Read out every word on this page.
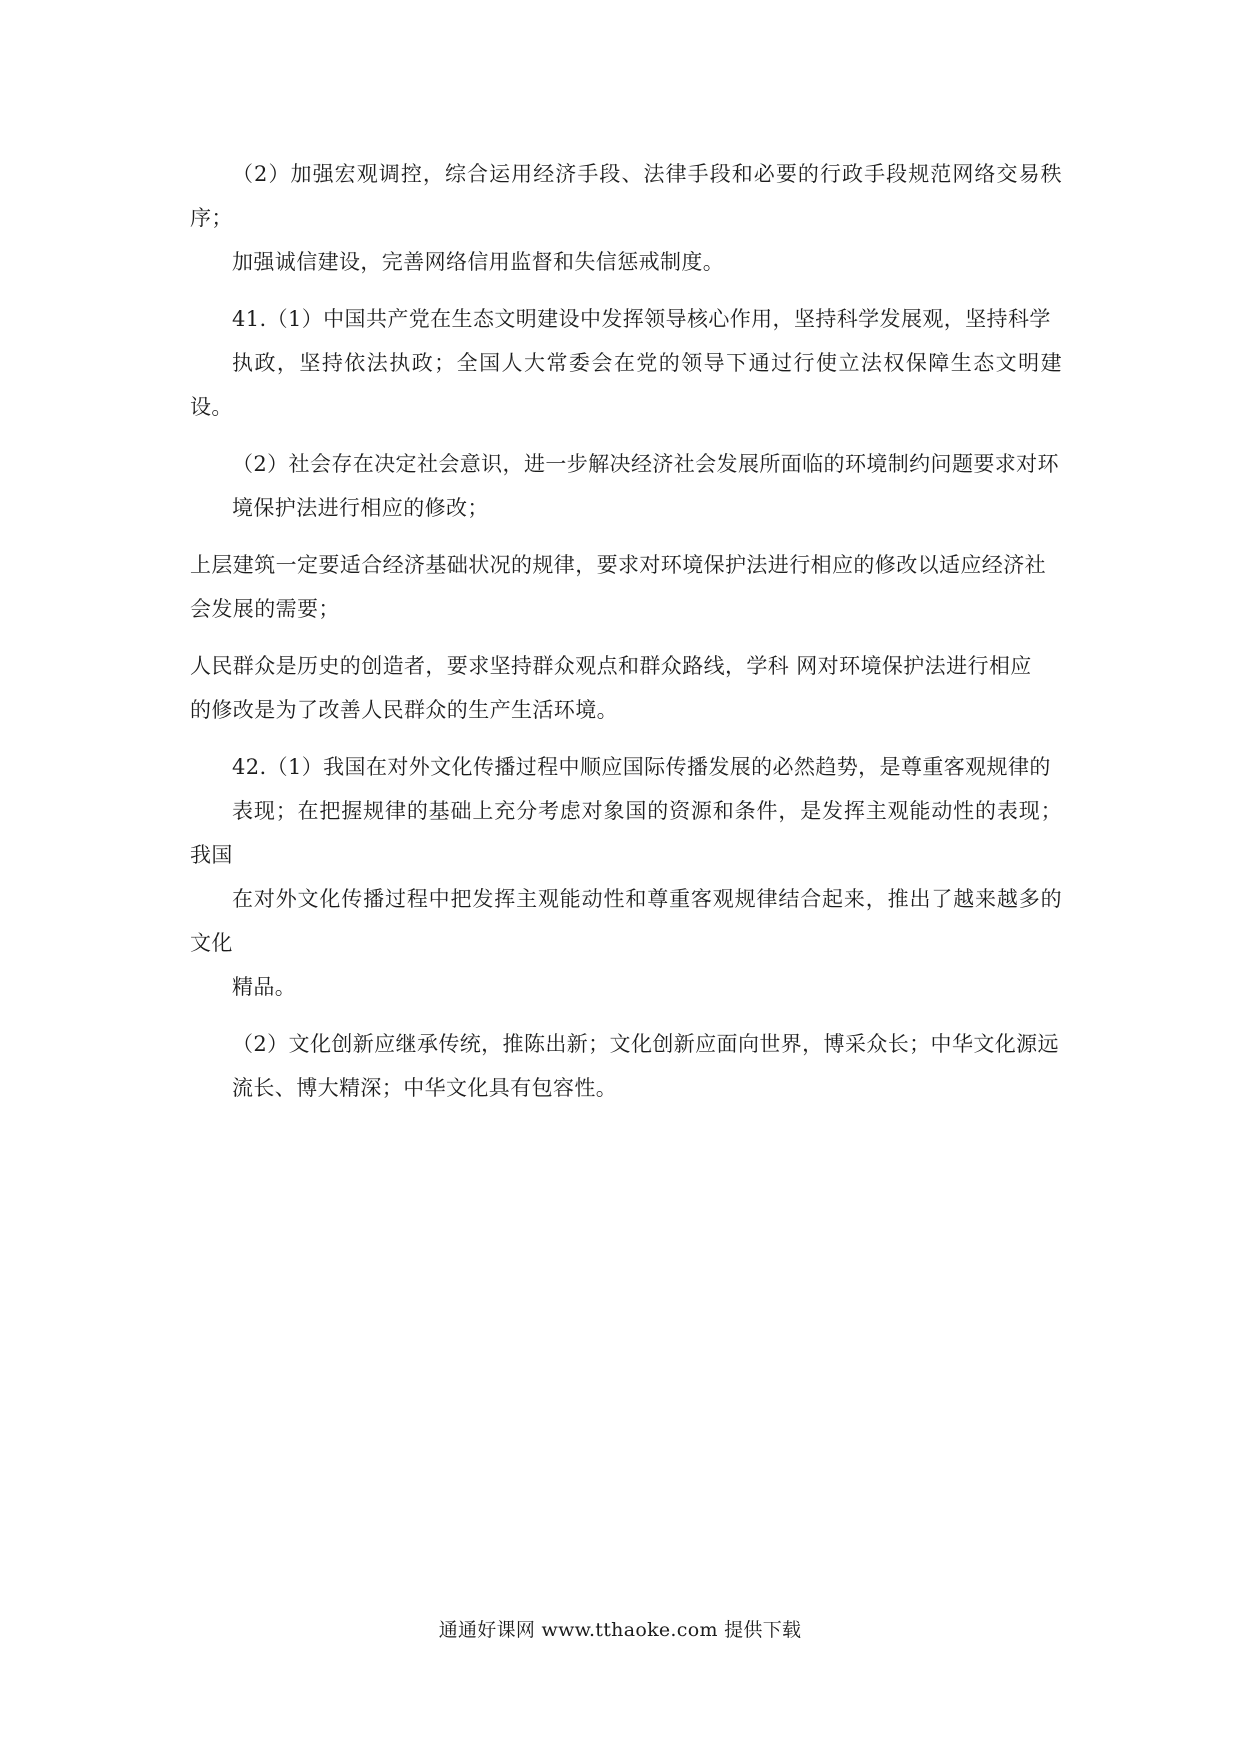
（2）加强宏观调控，综合运用经济手段、法律手段和必要的行政手段规范网络交易秩序；
加强诚信建设，完善网络信用监督和失信惩戒制度。

41.（1）中国共产党在生态文明建设中发挥领导核心作用，坚持科学发展观，坚持科学
执政，坚持依法执政；全国人大常委会在党的领导下通过行使立法权保障生态文明建设。

（2）社会存在决定社会意识，进一步解决经济社会发展所面临的环境制约问题要求对环
境保护法进行相应的修改；

上层建筑一定要适合经济基础状况的规律，要求对环境保护法进行相应的修改以适应经济社
会发展的需要；

人民群众是历史的创造者，要求坚持群众观点和群众路线，学科 网对环境保护法进行相应
的修改是为了改善人民群众的生产生活环境。

42.（1）我国在对外文化传播过程中顺应国际传播发展的必然趋势，是尊重客观规律的
表现；在把握规律的基础上充分考虑对象国的资源和条件，是发挥主观能动性的表现；我国
在对外文化传播过程中把发挥主观能动性和尊重客观规律结合起来，推出了越来越多的文化
精品。

（2）文化创新应继承传统，推陈出新；文化创新应面向世界，博采众长；中华文化源远
流长、博大精深；中华文化具有包容性。

通通好课网 www.tthaoke.com 提供下载
